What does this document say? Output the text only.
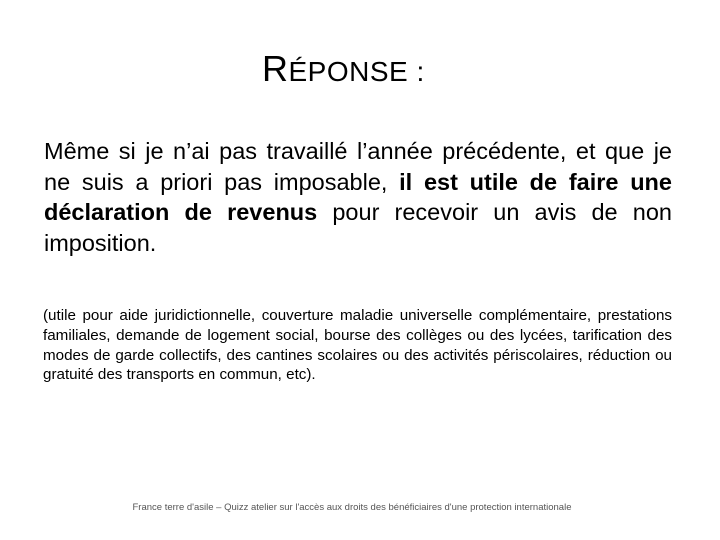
RÉPONSE :
Même si je n’ai pas travaillé l’année précédente, et que je ne suis a priori pas imposable, il est utile de faire une déclaration de revenus pour recevoir un avis de non imposition.
(utile pour aide juridictionnelle, couverture maladie universelle complémentaire, prestations familiales, demande de logement social, bourse des collèges ou des lycées, tarification des modes de garde collectifs, des cantines scolaires ou des activités périscolaires, réduction ou gratuité des transports en commun, etc).
France terre d'asile – Quizz atelier sur l'accès aux droits des bénéficiaires d'une protection internationale
